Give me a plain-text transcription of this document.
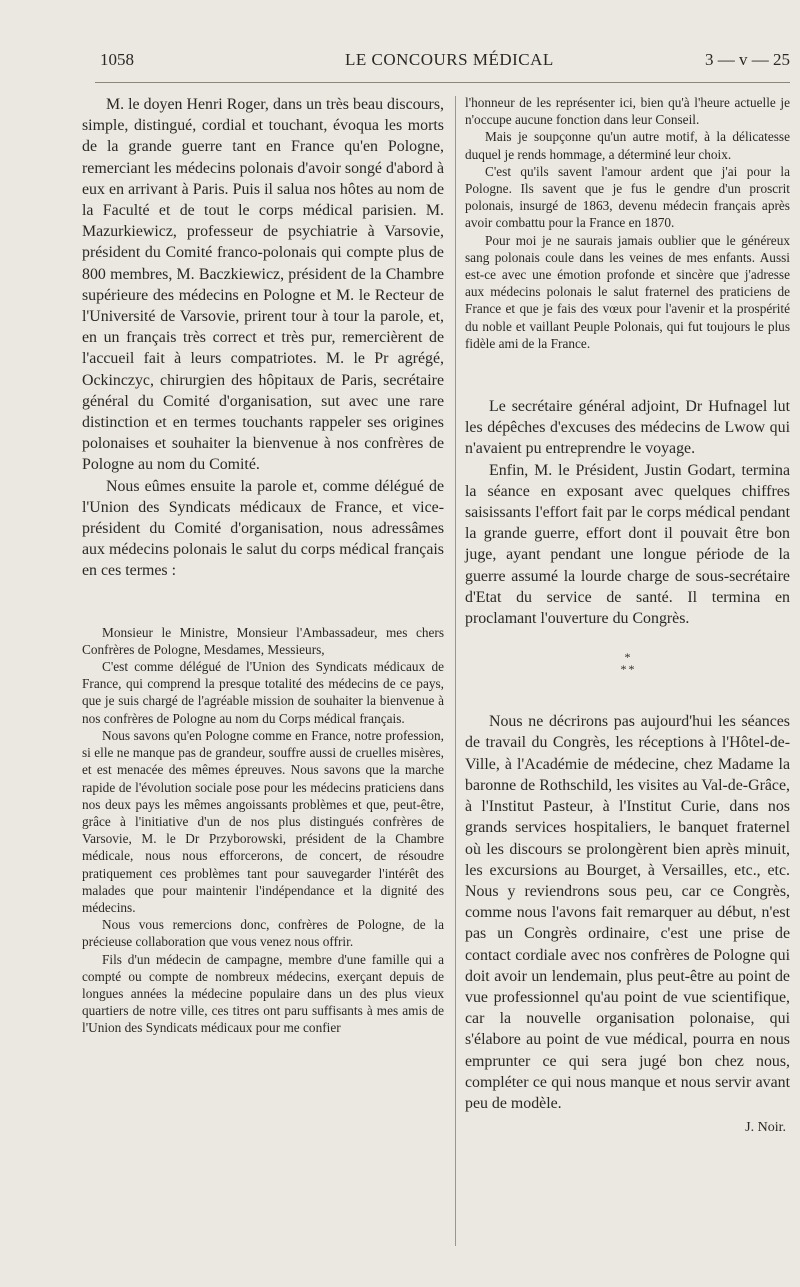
1058	LE CONCOURS MÉDICAL	3 — v — 25

M. le doyen Henri Roger, dans un très beau discours, simple, distingué, cordial et touchant, évoqua les morts de la grande guerre tant en France qu'en Pologne, remerciant les médecins polonais d'avoir songé d'abord à eux en arrivant à Paris. Puis il salua nos hôtes au nom de la Faculté et de tout le corps médical parisien. M. Mazurkiewicz, professeur de psychiatrie à Varsovie, président du Comité franco-polonais qui compte plus de 800 membres, M. Baczkiewicz, président de la Chambre supérieure des médecins en Pologne et M. le Recteur de l'Université de Varsovie, prirent tour à tour la parole, et, en un français très correct et très pur, remercièrent de l'accueil fait à leurs compatriotes. M. le Pr agrégé, Ockinczyc, chirurgien des hôpitaux de Paris, secrétaire général du Comité d'organisation, sut avec une rare distinction et en termes touchants rappeler ses origines polonaises et souhaiter la bienvenue à nos confrères de Pologne au nom du Comité.

Nous eûmes ensuite la parole et, comme délégué de l'Union des Syndicats médicaux de France, et vice-président du Comité d'organisation, nous adressâmes aux médecins polonais le salut du corps médical français en ces termes :

Monsieur le Ministre, Monsieur l'Ambassadeur, mes chers Confrères de Pologne, Mesdames, Messieurs,

C'est comme délégué de l'Union des Syndicats médicaux de France, qui comprend la presque totalité des médecins de ce pays, que je suis chargé de l'agréable mission de souhaiter la bienvenue à nos confrères de Pologne au nom du Corps médical français.

Nous savons qu'en Pologne comme en France, notre profession, si elle ne manque pas de grandeur, souffre aussi de cruelles misères, et est menacée des mêmes épreuves. Nous savons que la marche rapide de l'évolution sociale pose pour les médecins praticiens dans nos deux pays les mêmes angoissants problèmes et que, peut-être, grâce à l'initiative d'un de nos plus distingués confrères de Varsovie, M. le Dr Przyborowski, président de la Chambre médicale, nous nous efforcerons, de concert, de résoudre pratiquement ces problèmes tant pour sauvegarder l'intérêt des malades que pour maintenir l'indépendance et la dignité des médecins.

Nous vous remercions donc, confrères de Pologne, de la précieuse collaboration que vous venez nous offrir.

Fils d'un médecin de campagne, membre d'une famille qui a compté ou compte de nombreux médecins, exerçant depuis de longues années la médecine populaire dans un des plus vieux quartiers de notre ville, ces titres ont paru suffisants à mes amis de l'Union des Syndicats médicaux pour me confier

l'honneur de les représenter ici, bien qu'à l'heure actuelle je n'occupe aucune fonction dans leur Conseil.

Mais je soupçonne qu'un autre motif, à la délicatesse duquel je rends hommage, a déterminé leur choix.

C'est qu'ils savent l'amour ardent que j'ai pour la Pologne. Ils savent que je fus le gendre d'un proscrit polonais, insurgé de 1863, devenu médecin français après avoir combattu pour la France en 1870.

Pour moi je ne saurais jamais oublier que le généreux sang polonais coule dans les veines de mes enfants. Aussi est-ce avec une émotion profonde et sincère que j'adresse aux médecins polonais le salut fraternel des praticiens de France et que je fais des vœux pour l'avenir et la prospérité du noble et vaillant Peuple Polonais, qui fut toujours le plus fidèle ami de la France.

Le secrétaire général adjoint, Dr Hufnagel lut les dépêches d'excuses des médecins de Lwow qui n'avaient pu entreprendre le voyage.

Enfin, M. le Président, Justin Godart, termina la séance en exposant avec quelques chiffres saisissants l'effort fait par le corps médical pendant la grande guerre, effort dont il pouvait être bon juge, ayant pendant une longue période de la guerre assumé la lourde charge de sous-secrétaire d'Etat du service de santé. Il termina en proclamant l'ouverture du Congrès.

*
* *

Nous ne décrirons pas aujourd'hui les séances de travail du Congrès, les réceptions à l'Hôtel-de-Ville, à l'Académie de médecine, chez Madame la baronne de Rothschild, les visites au Val-de-Grâce, à l'Institut Pasteur, à l'Institut Curie, dans nos grands services hospitaliers, le banquet fraternel où les discours se prolongèrent bien après minuit, les excursions au Bourget, à Versailles, etc., etc. Nous y reviendrons sous peu, car ce Congrès, comme nous l'avons fait remarquer au début, n'est pas un Congrès ordinaire, c'est une prise de contact cordiale avec nos confrères de Pologne qui doit avoir un lendemain, plus peut-être au point de vue professionnel qu'au point de vue scientifique, car la nouvelle organisation polonaise, qui s'élabore au point de vue médical, pourra en nous emprunter ce qui sera jugé bon chez nous, compléter ce qui nous manque et nous servir avant peu de modèle.

J. Noir.
